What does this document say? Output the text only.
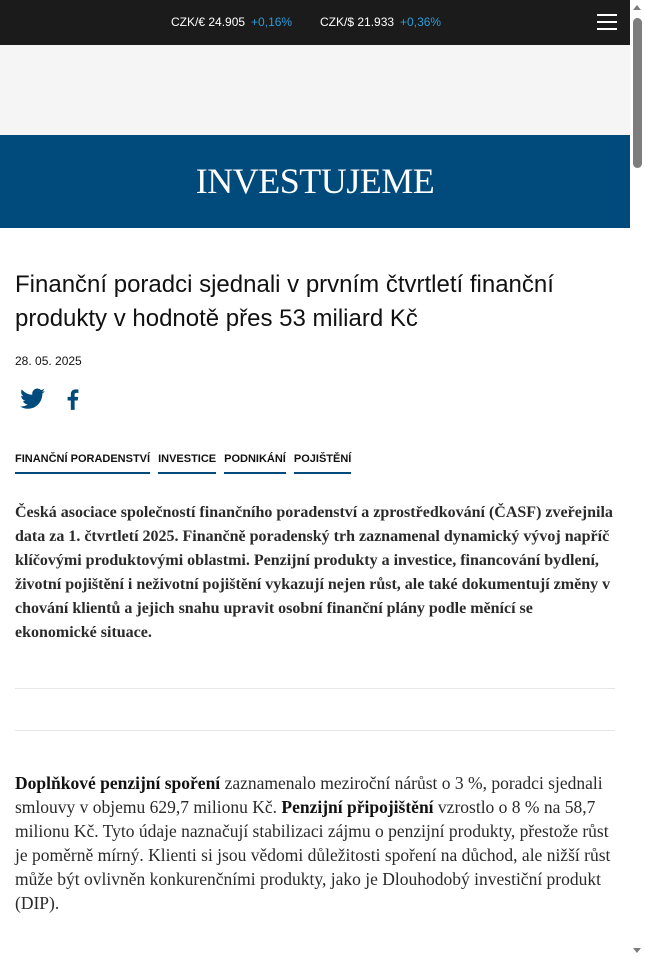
CZK/€ 24.905 +0,16% CZK/$ 21.933 +0,36%
INVESTUJEME
Finanční poradci sjednali v prvním čtvrtletí finanční produkty v hodnotě přes 53 miliard Kč
28. 05. 2025
FINANČNÍ PORADENSTVÍ INVESTICE PODNIKÁNÍ POJIŠTĚNÍ

Česká asociace společností finančního poradenství a zprostředkování (ČASF) zveřejnila data za 1. čtvrtletí 2025. Finančně poradenský trh zaznamenal dynamický vývoj napříč klíčovými produktovými oblastmi. Penzijní produkty a investice, financování bydlení, životní pojištění i neživotní pojištění vykazují nejen růst, ale také dokumentují změny v chování klientů a jejich snahu upravit osobní finanční plány podle měnící se ekonomické situace.

Doplňkové penzijní spoření zaznamenalo meziroční nárůst o 3 %, poradci sjednali smlouvy v objemu 629,7 milionu Kč. Penzijní připojištění vzrostlo o 8 % na 58,7 milionu Kč. Tyto údaje naznačují stabilizaci zájmu o penzijní produkty, přestože růst je poměrně mírný. Klienti si jsou vědomi důležitosti spoření na důchod, ale nižší růst může být ovlivněn konkurenčními produkty, jako je Dlouhodobý investiční produkt (DIP).
